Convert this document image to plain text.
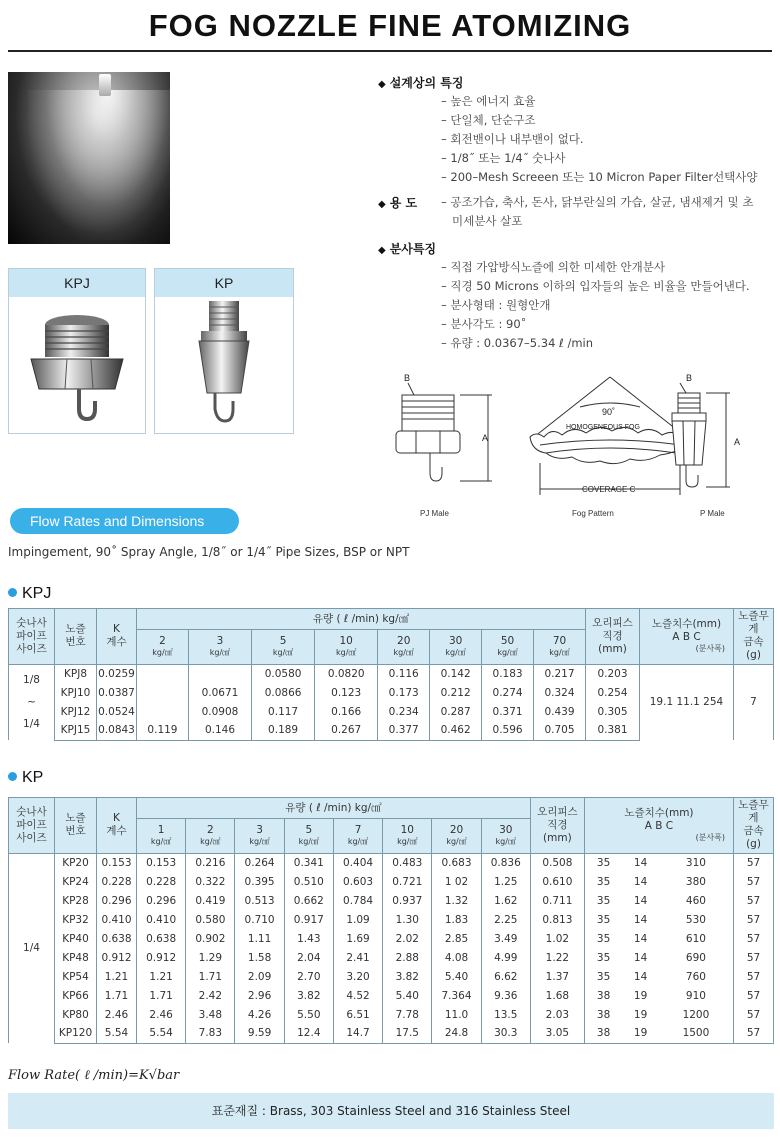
FOG NOZZLE FINE ATOMIZING
KPJ	KP
◆ 설계상의 특징
– 높은 에너지 효율
– 단일체, 단순구조
– 회전밴이나 내부밴이 없다.
– 1/8˝ 또는 1/4˝ 숫나사
– 200–Mesh Screeen 또는 10 Micron Paper Filter선택사양
◆ 용 도 – 공조가습, 축사, 돈사, 닭부란실의 가습, 살균, 냄새제거 및 초
미세분사 살포
◆ 분사특징
– 직접 가압방식노즐에 의한 미세한 안개분사
– 직경 50 Microns 이하의 입자들의 높은 비율을 만들어낸다.
– 분사형태 : 원형안개
– 분사각도 : 90˚
– 유량 : 0.0367–5.34 ℓ /min
B
A
90˚
HOMOGENEOUS FOG
COVERAGE C
B
A
PJ Male	Fog Pattern	P Male
Flow Rates and Dimensions
Impingement, 90˚ Spray Angle, 1/8˝ or 1/4˝ Pipe Sizes, BSP or NPT
KPJ
숫나사
파이프
사이즈	노즐
번호	K
계수	유량 ( ℓ /min) kg/㎠								오리피스
직경
(mm)	노즐치수(mm)
A B C

(분사폭)	노즐무게
금속
(g)

			2
kg/㎠	3
kg/㎠	5
kg/㎠	10
kg/㎠	20
kg/㎠	30
kg/㎠	50
kg/㎠	70
kg/㎠			

1/8
~
1/4	KPJ8	0.0259			0.0580	0.0820	0.116	0.142	0.183	0.217	0.203	19.1 11.1 254	7
	KPJ10	0.0387		0.0671	0.0866	0.123	0.173	0.212	0.274	0.324	0.254		
	KPJ12	0.0524		0.0908	0.117	0.166	0.234	0.287	0.371	0.439	0.305		
	KPJ15	0.0843	0.119	0.146	0.189	0.267	0.377	0.462	0.596	0.705	0.381		
KP
숫나사
파이프
사이즈	노즐
번호	K
계수	유량 ( ℓ /min) kg/㎠								오리피스
직경
(mm)	노즐치수(mm)
A B C

(분사폭)			노즐무게
금속
(g)

			1
kg/㎠	2
kg/㎠	3
kg/㎠	5
kg/㎠	7
kg/㎠	10
kg/㎠	20
kg/㎠	30
kg/㎠					

1/4	KP20	0.153	0.153	0.216	0.264	0.341	0.404	0.483	0.683	0.836	0.508	35	14	310	57
	KP24	0.228	0.228	0.322	0.395	0.510	0.603	0.721	1 02	1.25	0.610	35	14	380	57
	KP28	0.296	0.296	0.419	0.513	0.662	0.784	0.937	1.32	1.62	0.711	35	14	460	57
	KP32	0.410	0.410	0.580	0.710	0.917	1.09	1.30	1.83	2.25	0.813	35	14	530	57
	KP40	0.638	0.638	0.902	1.11	1.43	1.69	2.02	2.85	3.49	1.02	35	14	610	57
	KP48	0.912	0.912	1.29	1.58	2.04	2.41	2.88	4.08	4.99	1.22	35	14	690	57
	KP54	1.21	1.21	1.71	2.09	2.70	3.20	3.82	5.40	6.62	1.37	35	14	760	57
	KP66	1.71	1.71	2.42	2.96	3.82	4.52	5.40	7.364	9.36	1.68	38	19	910	57
	KP80	2.46	2.46	3.48	4.26	5.50	6.51	7.78	11.0	13.5	2.03	38	19	1200	57
	KP120	5.54	5.54	7.83	9.59	12.4	14.7	17.5	24.8	30.3	3.05	38	19	1500	57
Flow Rate( ℓ /min)=K√bar
표준재질 : Brass, 303 Stainless Steel and 316 Stainless Steel
